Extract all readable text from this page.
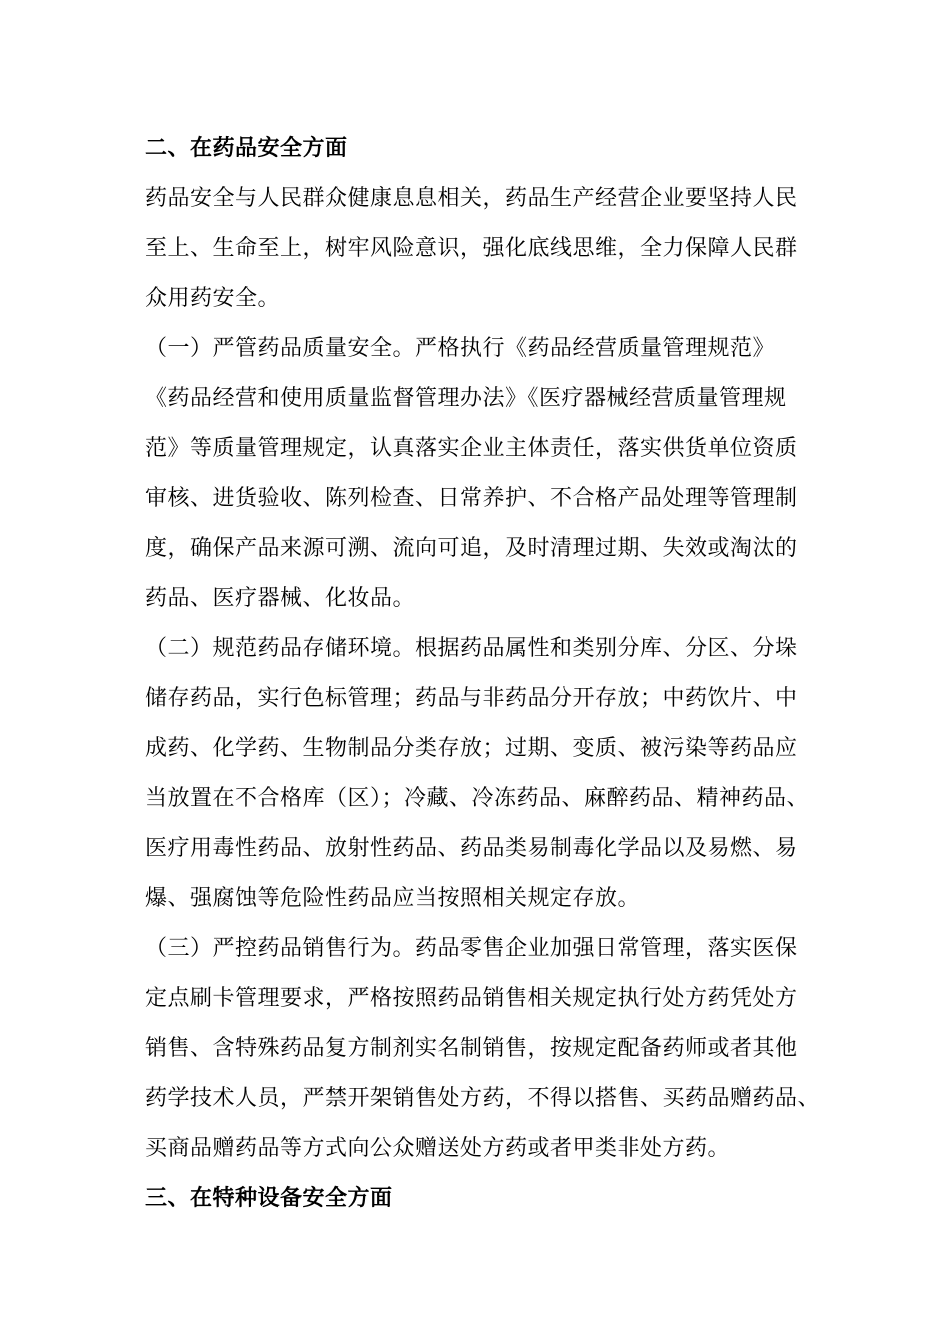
二、在药品安全方面
药品安全与人民群众健康息息相关，药品生产经营企业要坚持人民
至上、生命至上，树牢风险意识，强化底线思维，全力保障人民群
众用药安全。
（一）严管药品质量安全。严格执行《药品经营质量管理规范》
《药品经营和使用质量监督管理办法》《医疗器械经营质量管理规
范》等质量管理规定，认真落实企业主体责任，落实供货单位资质
审核、进货验收、陈列检查、日常养护、不合格产品处理等管理制
度，确保产品来源可溯、流向可追，及时清理过期、失效或淘汰的
药品、医疗器械、化妆品。
（二）规范药品存储环境。根据药品属性和类别分库、分区、分垛
储存药品，实行色标管理；药品与非药品分开存放；中药饮片、中
成药、化学药、生物制品分类存放；过期、变质、被污染等药品应
当放置在不合格库（区）；冷藏、冷冻药品、麻醉药品、精神药品、
医疗用毒性药品、放射性药品、药品类易制毒化学品以及易燃、易
爆、强腐蚀等危险性药品应当按照相关规定存放。
（三）严控药品销售行为。药品零售企业加强日常管理，落实医保
定点刷卡管理要求，严格按照药品销售相关规定执行处方药凭处方
销售、含特殊药品复方制剂实名制销售，按规定配备药师或者其他
药学技术人员，严禁开架销售处方药，不得以搭售、买药品赠药品、
买商品赠药品等方式向公众赠送处方药或者甲类非处方药。
三、在特种设备安全方面
